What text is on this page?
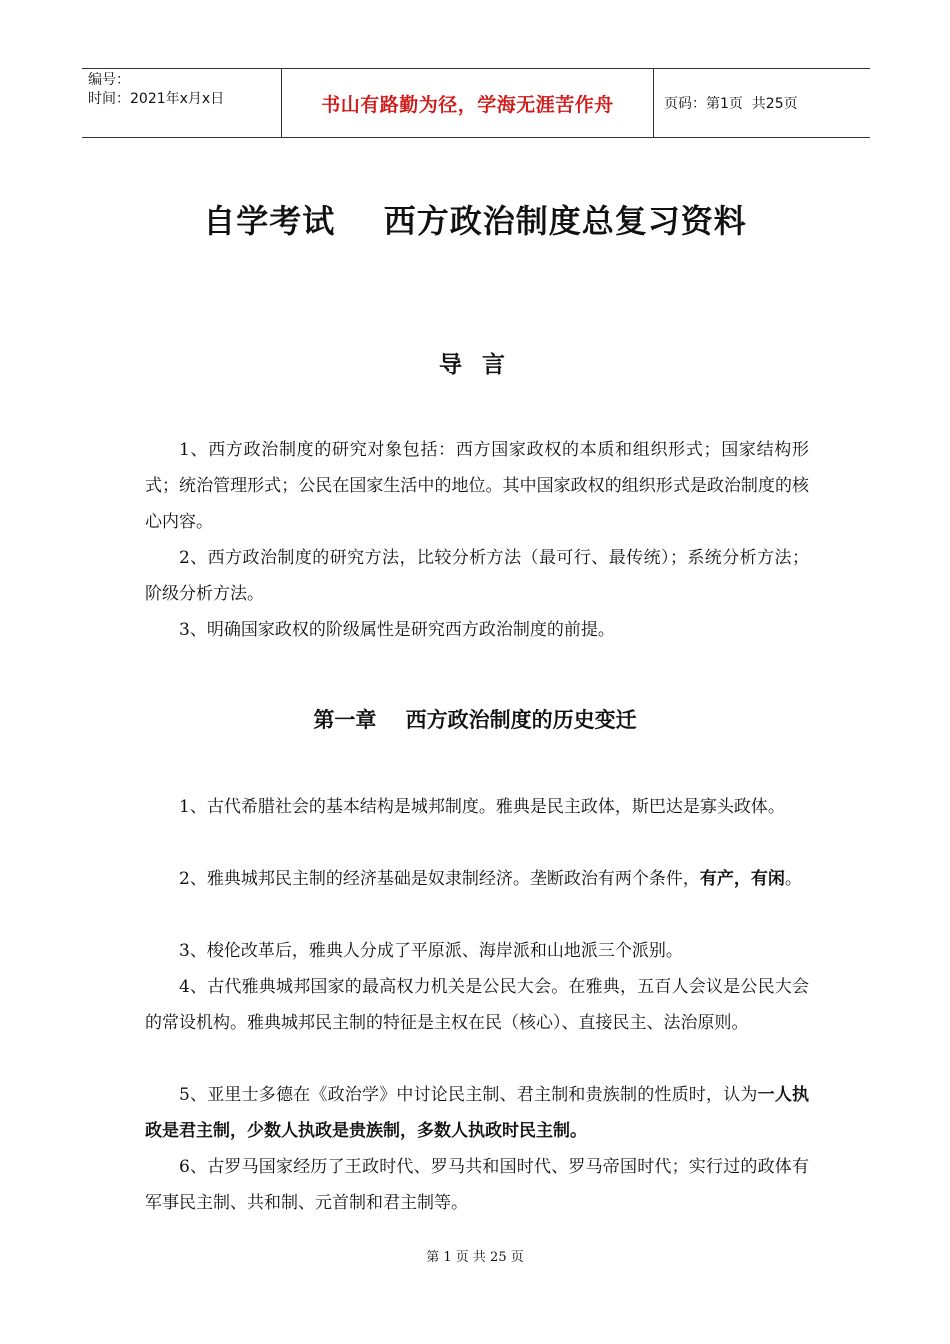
编号：
时间：2021年x月x日	书山有路勤为径，学海无涯苦作舟	页码：第1页  共25页
自学考试    西方政治制度总复习资料
导 言

1、西方政治制度的研究对象包括：西方国家政权的本质和组织形式；国家结构形式；统治管理形式；公民在国家生活中的地位。其中国家政权的组织形式是政治制度的核心内容。

2、西方政治制度的研究方法，比较分析方法（最可行、最传统）；系统分析方法；阶级分析方法。

3、明确国家政权的阶级属性是研究西方政治制度的前提。

第一章    西方政治制度的历史变迁

1、古代希腊社会的基本结构是城邦制度。雅典是民主政体，斯巴达是寡头政体。

2、雅典城邦民主制的经济基础是奴隶制经济。垄断政治有两个条件，有产，有闲。

3、梭伦改革后，雅典人分成了平原派、海岸派和山地派三个派别。

4、古代雅典城邦国家的最高权力机关是公民大会。在雅典，五百人会议是公民大会的常设机构。雅典城邦民主制的特征是主权在民（核心）、直接民主、法治原则。

5、亚里士多德在《政治学》中讨论民主制、君主制和贵族制的性质时，认为一人执政是君主制，少数人执政是贵族制，多数人执政时民主制。

6、古罗马国家经历了王政时代、罗马共和国时代、罗马帝国时代；实行过的政体有军事民主制、共和制、元首制和君主制等。

第 1 页 共 25 页
